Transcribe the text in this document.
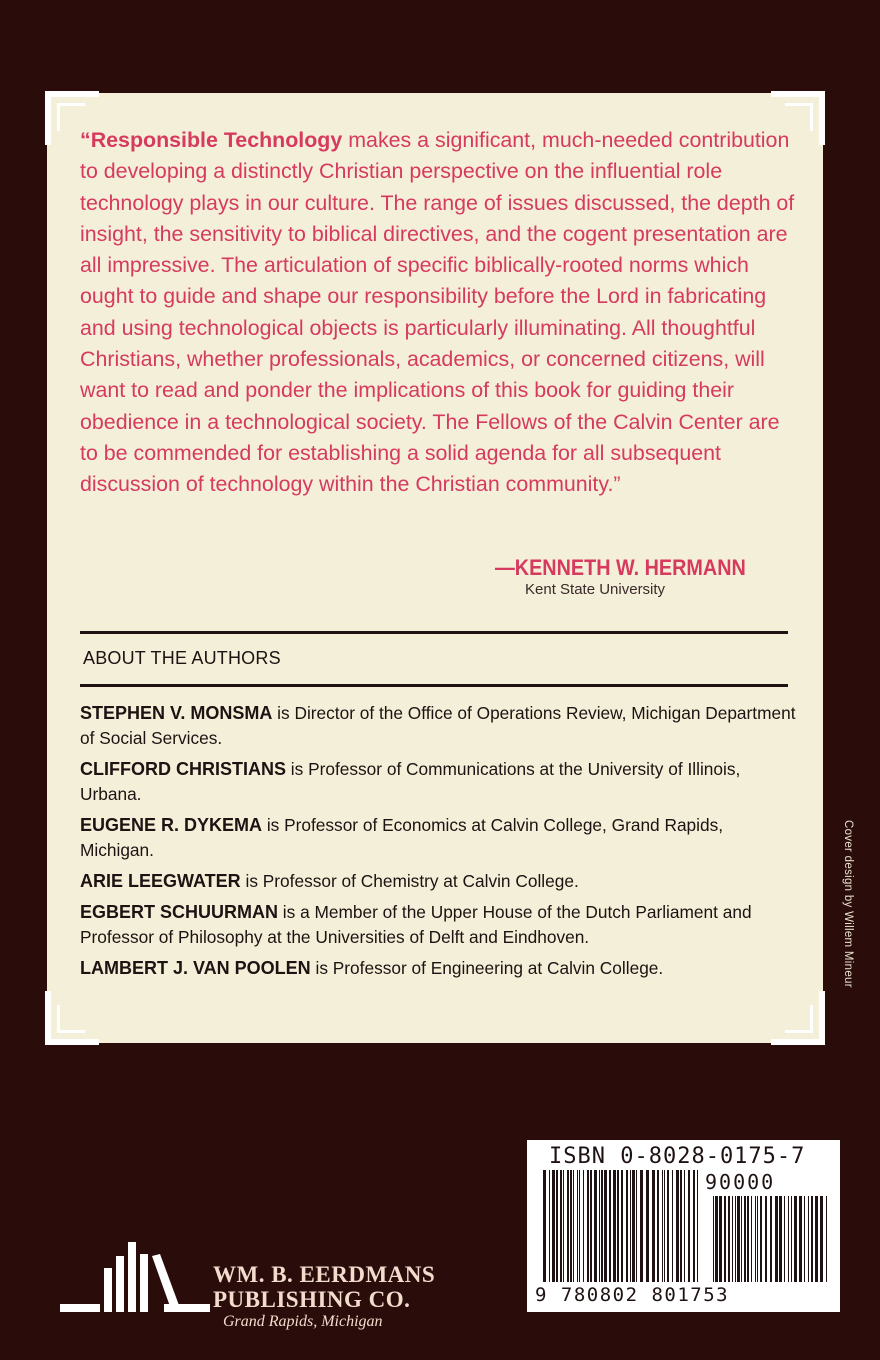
“Responsible Technology makes a significant, much-needed contribution to developing a distinctly Christian perspective on the influential role technology plays in our culture. The range of issues discussed, the depth of insight, the sensitivity to biblical directives, and the cogent presentation are all impressive. The articulation of specific biblically-rooted norms which ought to guide and shape our responsibility before the Lord in fabricating and using technological objects is particularly illuminating. All thoughtful Christians, whether professionals, academics, or concerned citizens, will want to read and ponder the implications of this book for guiding their obedience in a technological society. The Fellows of the Calvin Center are to be commended for establishing a solid agenda for all subsequent discussion of technology within the Christian community.”

—KENNETH W. HERMANN
Kent State University
ABOUT THE AUTHORS
STEPHEN V. MONSMA is Director of the Office of Operations Review, Michigan Department of Social Services.
CLIFFORD CHRISTIANS is Professor of Communications at the University of Illinois, Urbana.
EUGENE R. DYKEMA is Professor of Economics at Calvin College, Grand Rapids, Michigan.
ARIE LEEGWATER is Professor of Chemistry at Calvin College.
EGBERT SCHUURMAN is a Member of the Upper House of the Dutch Parliament and Professor of Philosophy at the Universities of Delft and Eindhoven.
LAMBERT J. VAN POOLEN is Professor of Engineering at Calvin College.	Cover design by Willem Mineur
ISBN 0-8028-0175-7
90000
9 780802 801753
WM. B. EERDMANS
PUBLISHING CO.
Grand Rapids, Michigan
